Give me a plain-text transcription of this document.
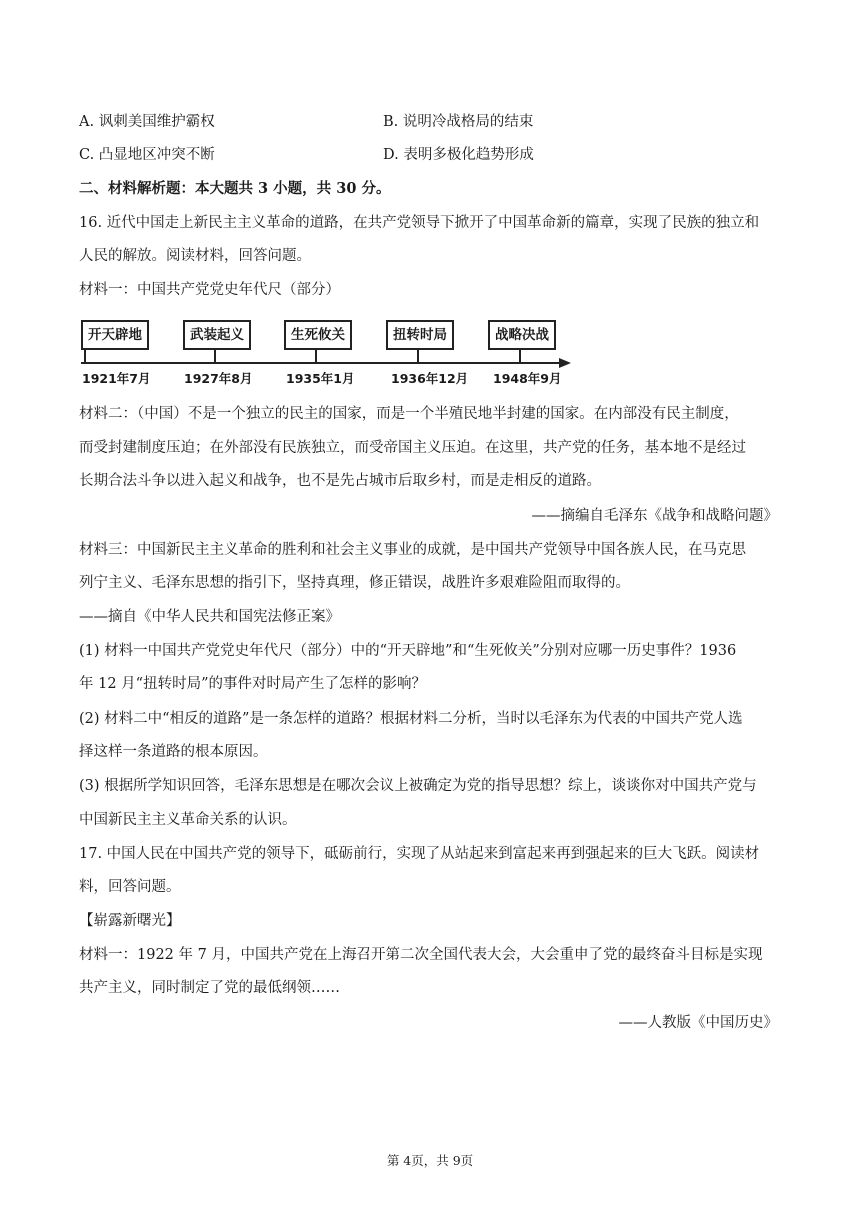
A. 讽刺美国维护霸权	B. 说明冷战格局的结束
C. 凸显地区冲突不断	D. 表明多极化趋势形成
二、材料解析题：本大题共 3 小题，共 30 分。
16. 近代中国走上新民主主义革命的道路，在共产党领导下掀开了中国革命新的篇章，实现了民族的独立和
人民的解放。阅读材料，回答问题。
材料一：中国共产党党史年代尺（部分）
开天辟地
1921年7月
武装起义
1927年8月
生死攸关
1935年1月
扭转时局
1936年12月
战略决战
1948年9月
材料二：（中国）不是一个独立的民主的国家，而是一个半殖民地半封建的国家。在内部没有民主制度，
而受封建制度压迫；在外部没有民族独立，而受帝国主义压迫。在这里，共产党的任务，基本地不是经过
长期合法斗争以进入起义和战争，也不是先占城市后取乡村，而是走相反的道路。
——摘编自毛泽东《战争和战略问题》
材料三：中国新民主主义革命的胜利和社会主义事业的成就，是中国共产党领导中国各族人民，在马克思
列宁主义、毛泽东思想的指引下，坚持真理，修正错误，战胜许多艰难险阻而取得的。
——摘自《中华人民共和国宪法修正案》
(1) 材料一中国共产党党史年代尺（部分）中的“开天辟地”和“生死攸关”分别对应哪一历史事件？1936
年 12 月“扭转时局”的事件对时局产生了怎样的影响？
(2) 材料二中“相反的道路”是一条怎样的道路？根据材料二分析，当时以毛泽东为代表的中国共产党人选
择这样一条道路的根本原因。
(3) 根据所学知识回答，毛泽东思想是在哪次会议上被确定为党的指导思想？综上，谈谈你对中国共产党与
中国新民主主义革命关系的认识。
17. 中国人民在中国共产党的领导下，砥砺前行，实现了从站起来到富起来再到强起来的巨大飞跃。阅读材
料，回答问题。
【崭露新曙光】
材料一：1922 年 7 月，中国共产党在上海召开第二次全国代表大会，大会重申了党的最终奋斗目标是实现
共产主义，同时制定了党的最低纲领……
——人教版《中国历史》
第 4页，共 9页
